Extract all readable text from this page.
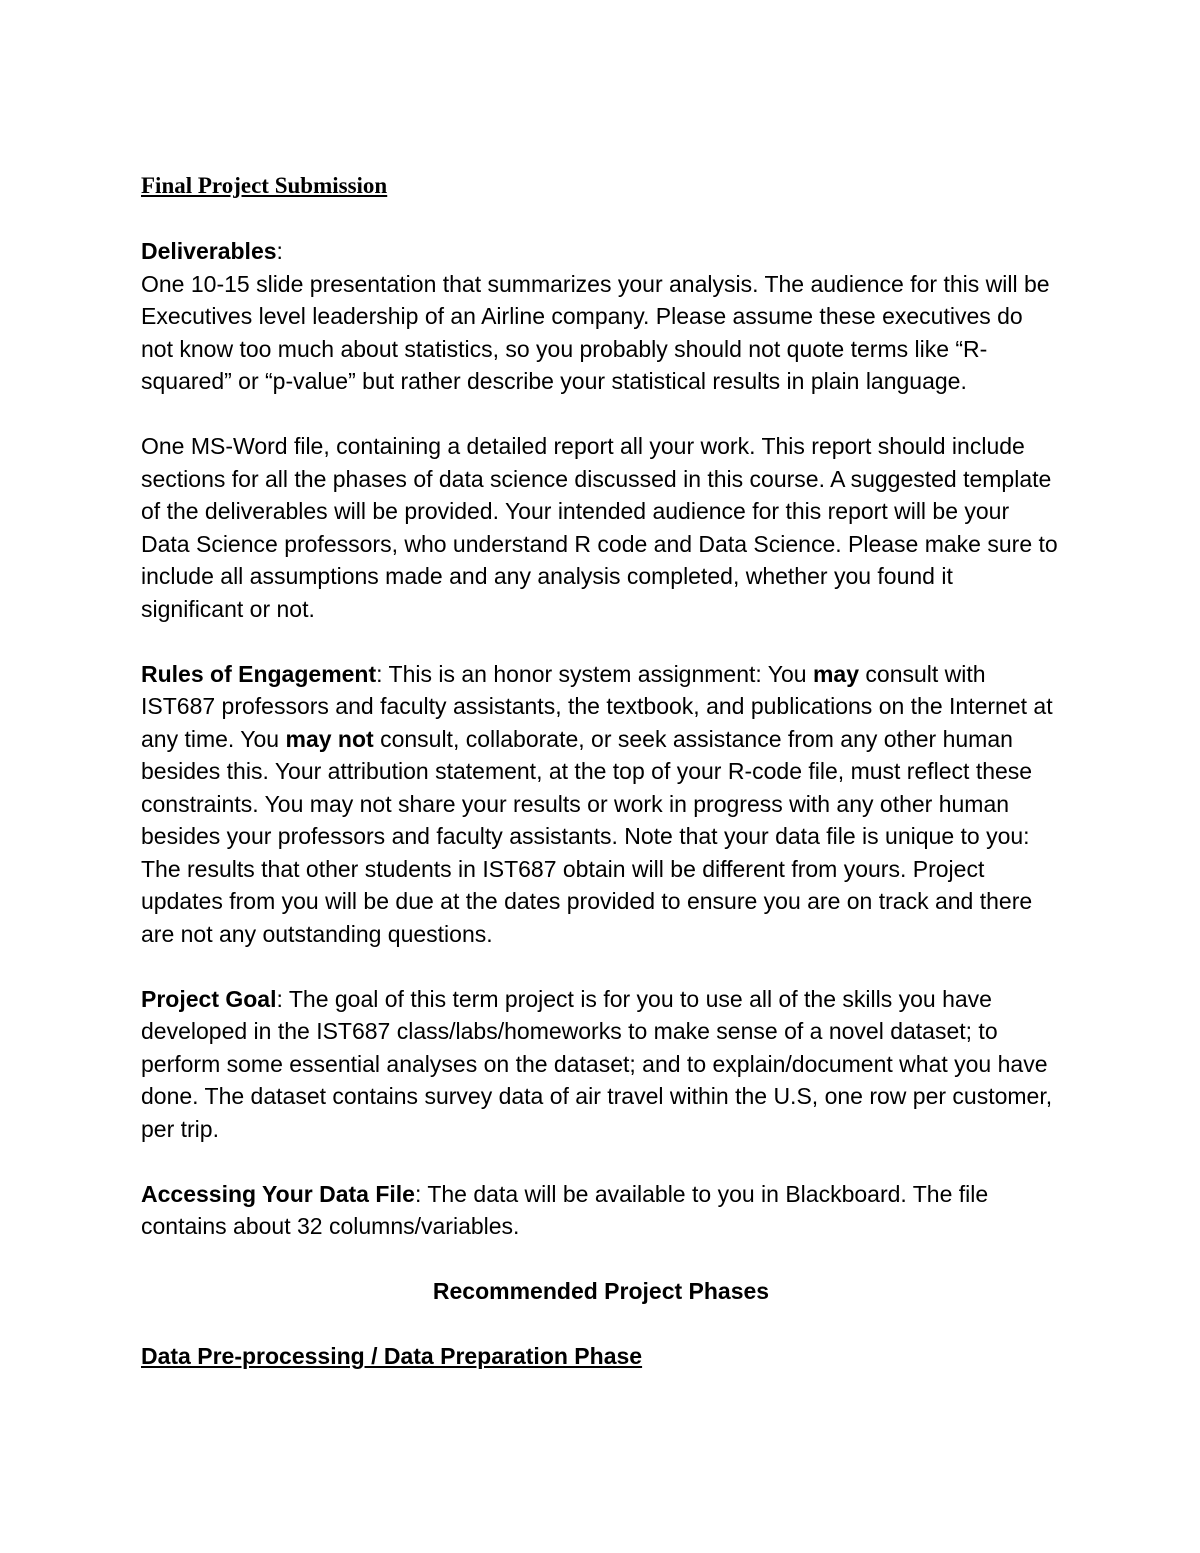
Final Project Submission
Deliverables:
One 10-15 slide presentation that summarizes your analysis. The audience for this will be Executives level leadership of an Airline company. Please assume these executives do not know too much about statistics, so you probably should not quote terms like “R-squared” or “p-value” but rather describe your statistical results in plain language.
One MS-Word file, containing a detailed report all your work. This report should include sections for all the phases of data science discussed in this course. A suggested template of the deliverables will be provided. Your intended audience for this report will be your Data Science professors, who understand R code and Data Science. Please make sure to include all assumptions made and any analysis completed, whether you found it significant or not.
Rules of Engagement: This is an honor system assignment: You may consult with IST687 professors and faculty assistants, the textbook, and publications on the Internet at any time. You may not consult, collaborate, or seek assistance from any other human besides this. Your attribution statement, at the top of your R-code file, must reflect these constraints. You may not share your results or work in progress with any other human besides your professors and faculty assistants. Note that your data file is unique to you: The results that other students in IST687 obtain will be different from yours. Project updates from you will be due at the dates provided to ensure you are on track and there are not any outstanding questions.
Project Goal: The goal of this term project is for you to use all of the skills you have developed in the IST687 class/labs/homeworks to make sense of a novel dataset; to perform some essential analyses on the dataset; and to explain/document what you have done. The dataset contains survey data of air travel within the U.S, one row per customer, per trip.
Accessing Your Data File: The data will be available to you in Blackboard. The file contains about 32 columns/variables.
Recommended Project Phases
Data Pre-processing / Data Preparation Phase
